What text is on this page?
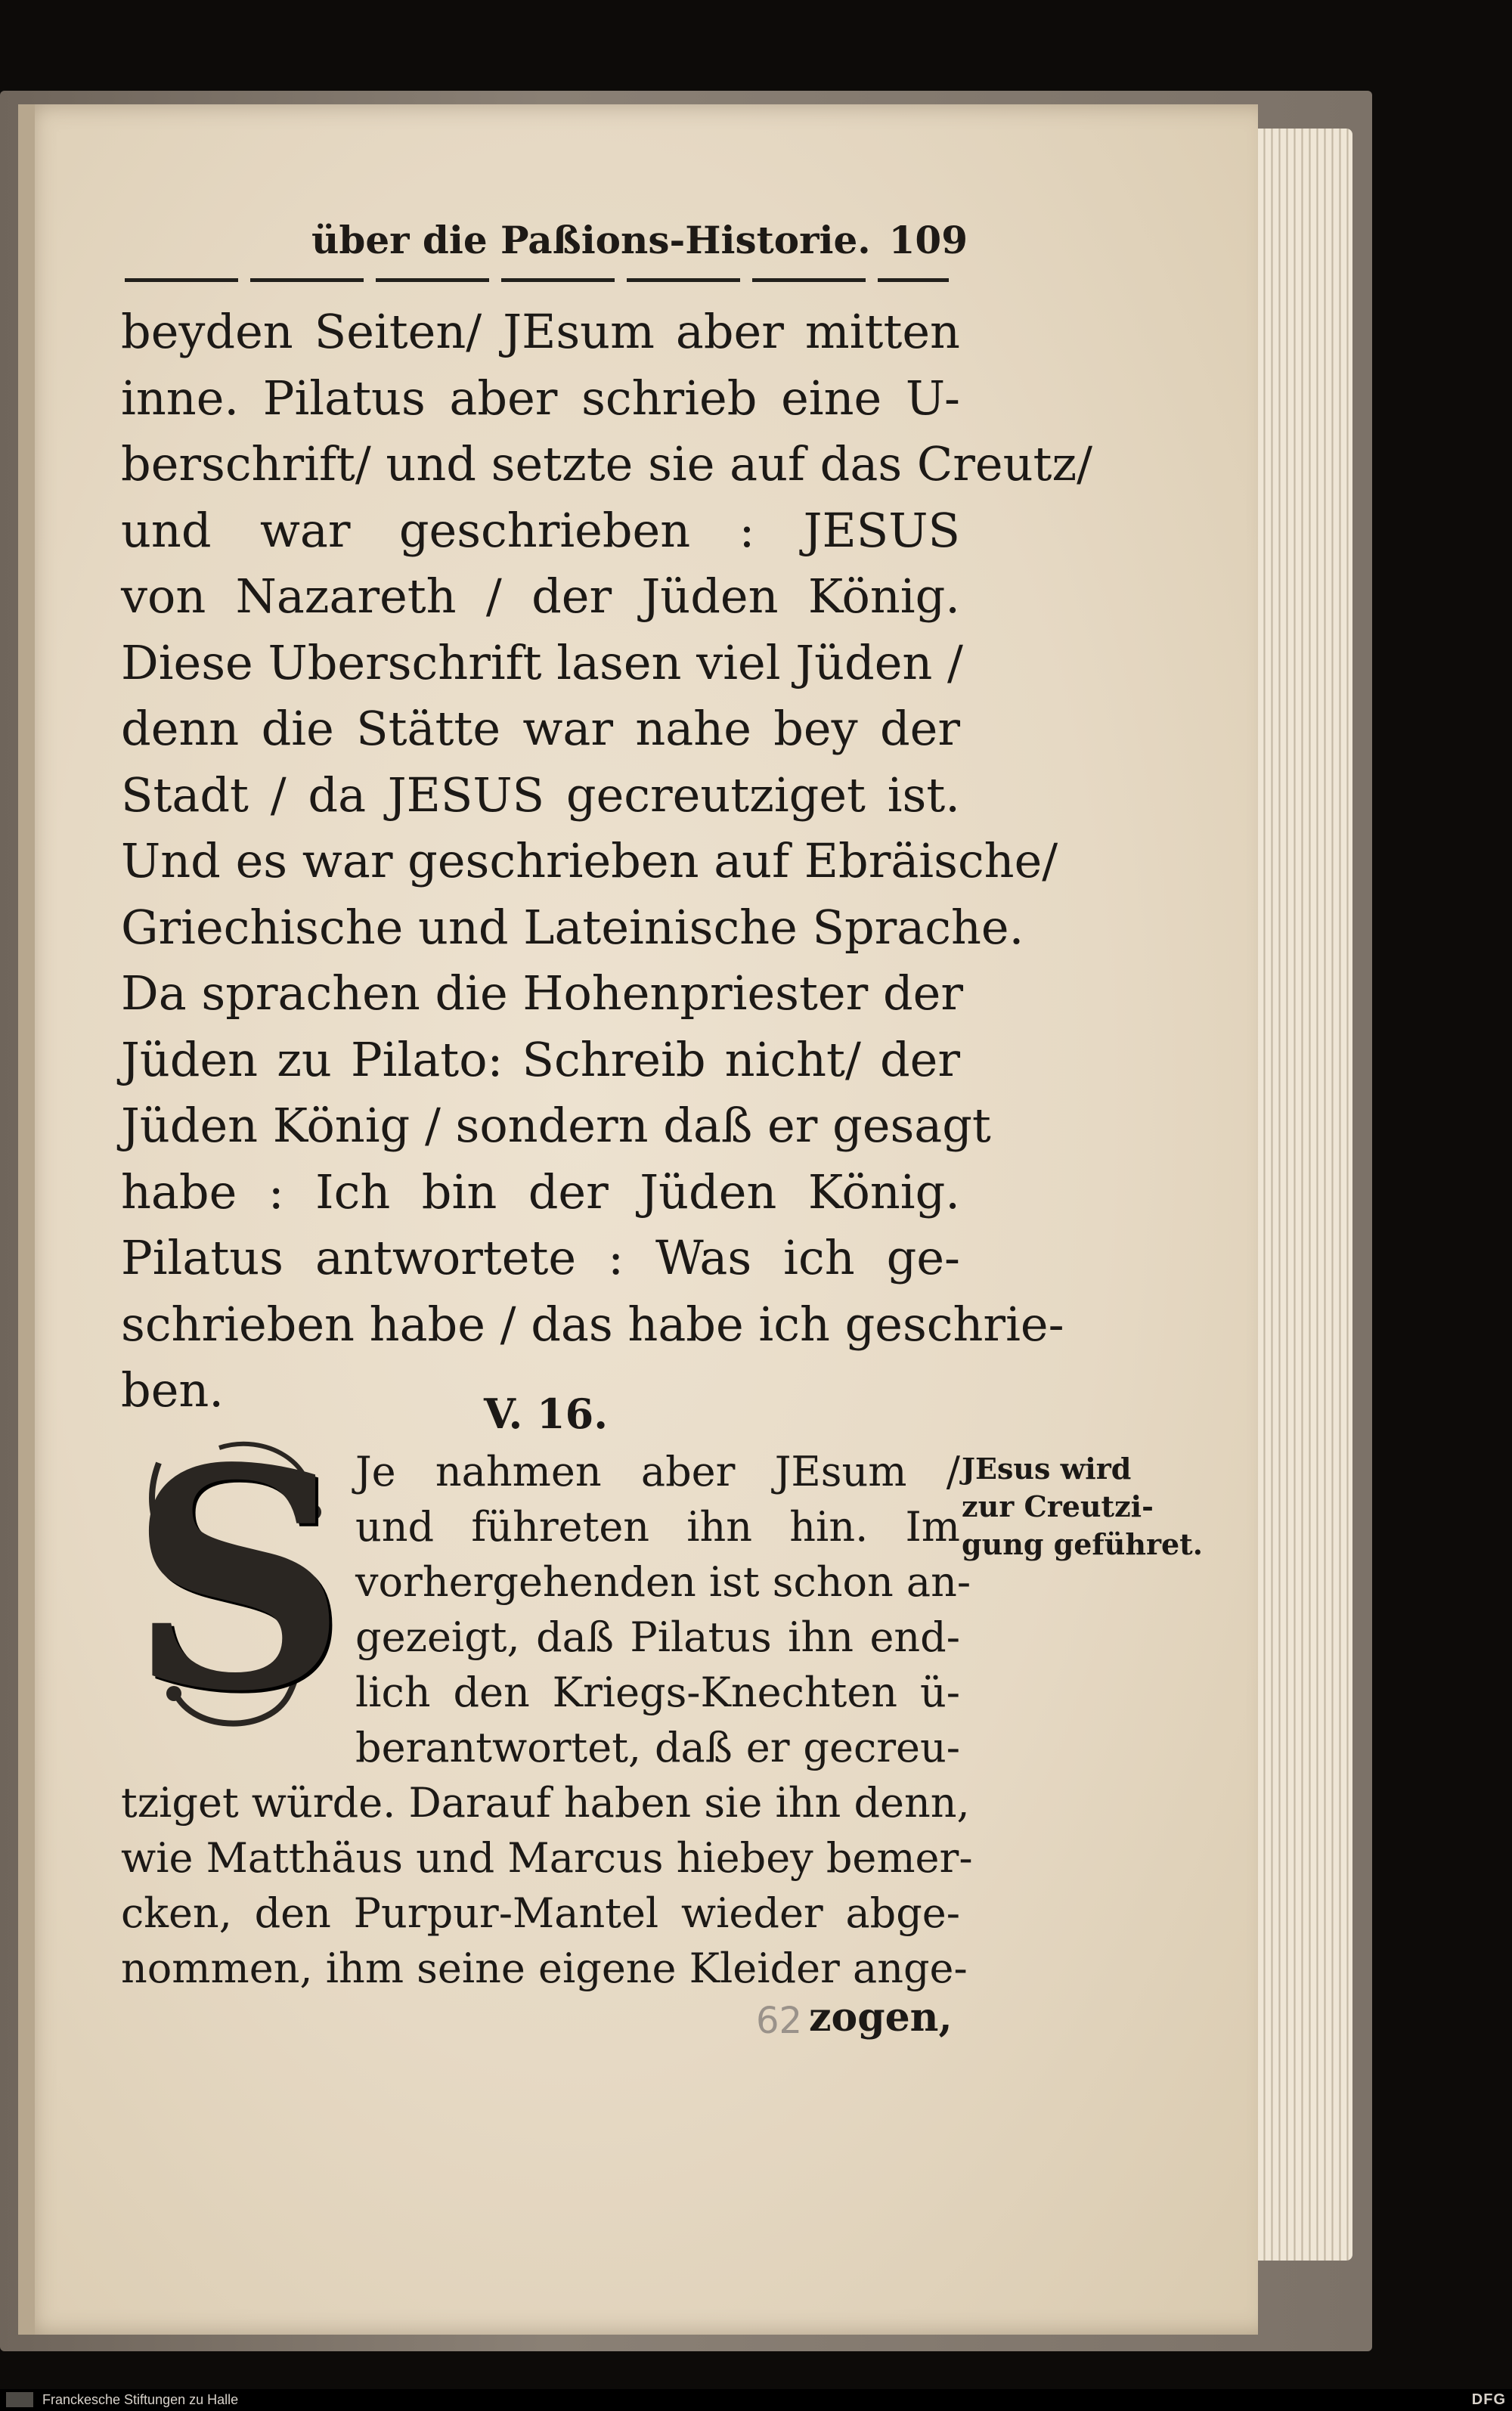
über die Paßions-Historie. 109
beyden Seiten/ JEsum aber mitten
inne. Pilatus aber schrieb eine U-
berschrift/ und setzte sie auf das Creutz/
und war geschrieben : JESUS
von Nazareth / der Jüden König.
Diese Uberschrift lasen viel Jüden /
denn die Stätte war nahe bey der
Stadt / da JESUS gecreutziget ist.
Und es war geschrieben auf Ebräische/
Griechische und Lateinische Sprache.
Da sprachen die Hohenpriester der
Jüden zu Pilato: Schreib nicht/ der
Jüden König / sondern daß er gesagt
habe : Ich bin der Jüden König.
Pilatus antwortete : Was ich ge-
schrieben habe / das habe ich geschrie-
ben.	V. 16.
S Je nahmen aber JEsum /
und führeten ihn hin. Im
vorhergehenden ist schon an-
gezeigt, daß Pilatus ihn end-
lich den Kriegs-Knechten ü-
berantwortet, daß er gecreu-
tziget würde. Darauf haben sie ihn denn,
wie Matthäus und Marcus hiebey bemer-
cken, den Purpur-Mantel wieder abge-
nommen, ihm seine eigene Kleider ange-
62 zogen,
JEsus wird
zur Creutzi-
gung geführet.
Franckesche Stiftungen zu Halle	DFG
